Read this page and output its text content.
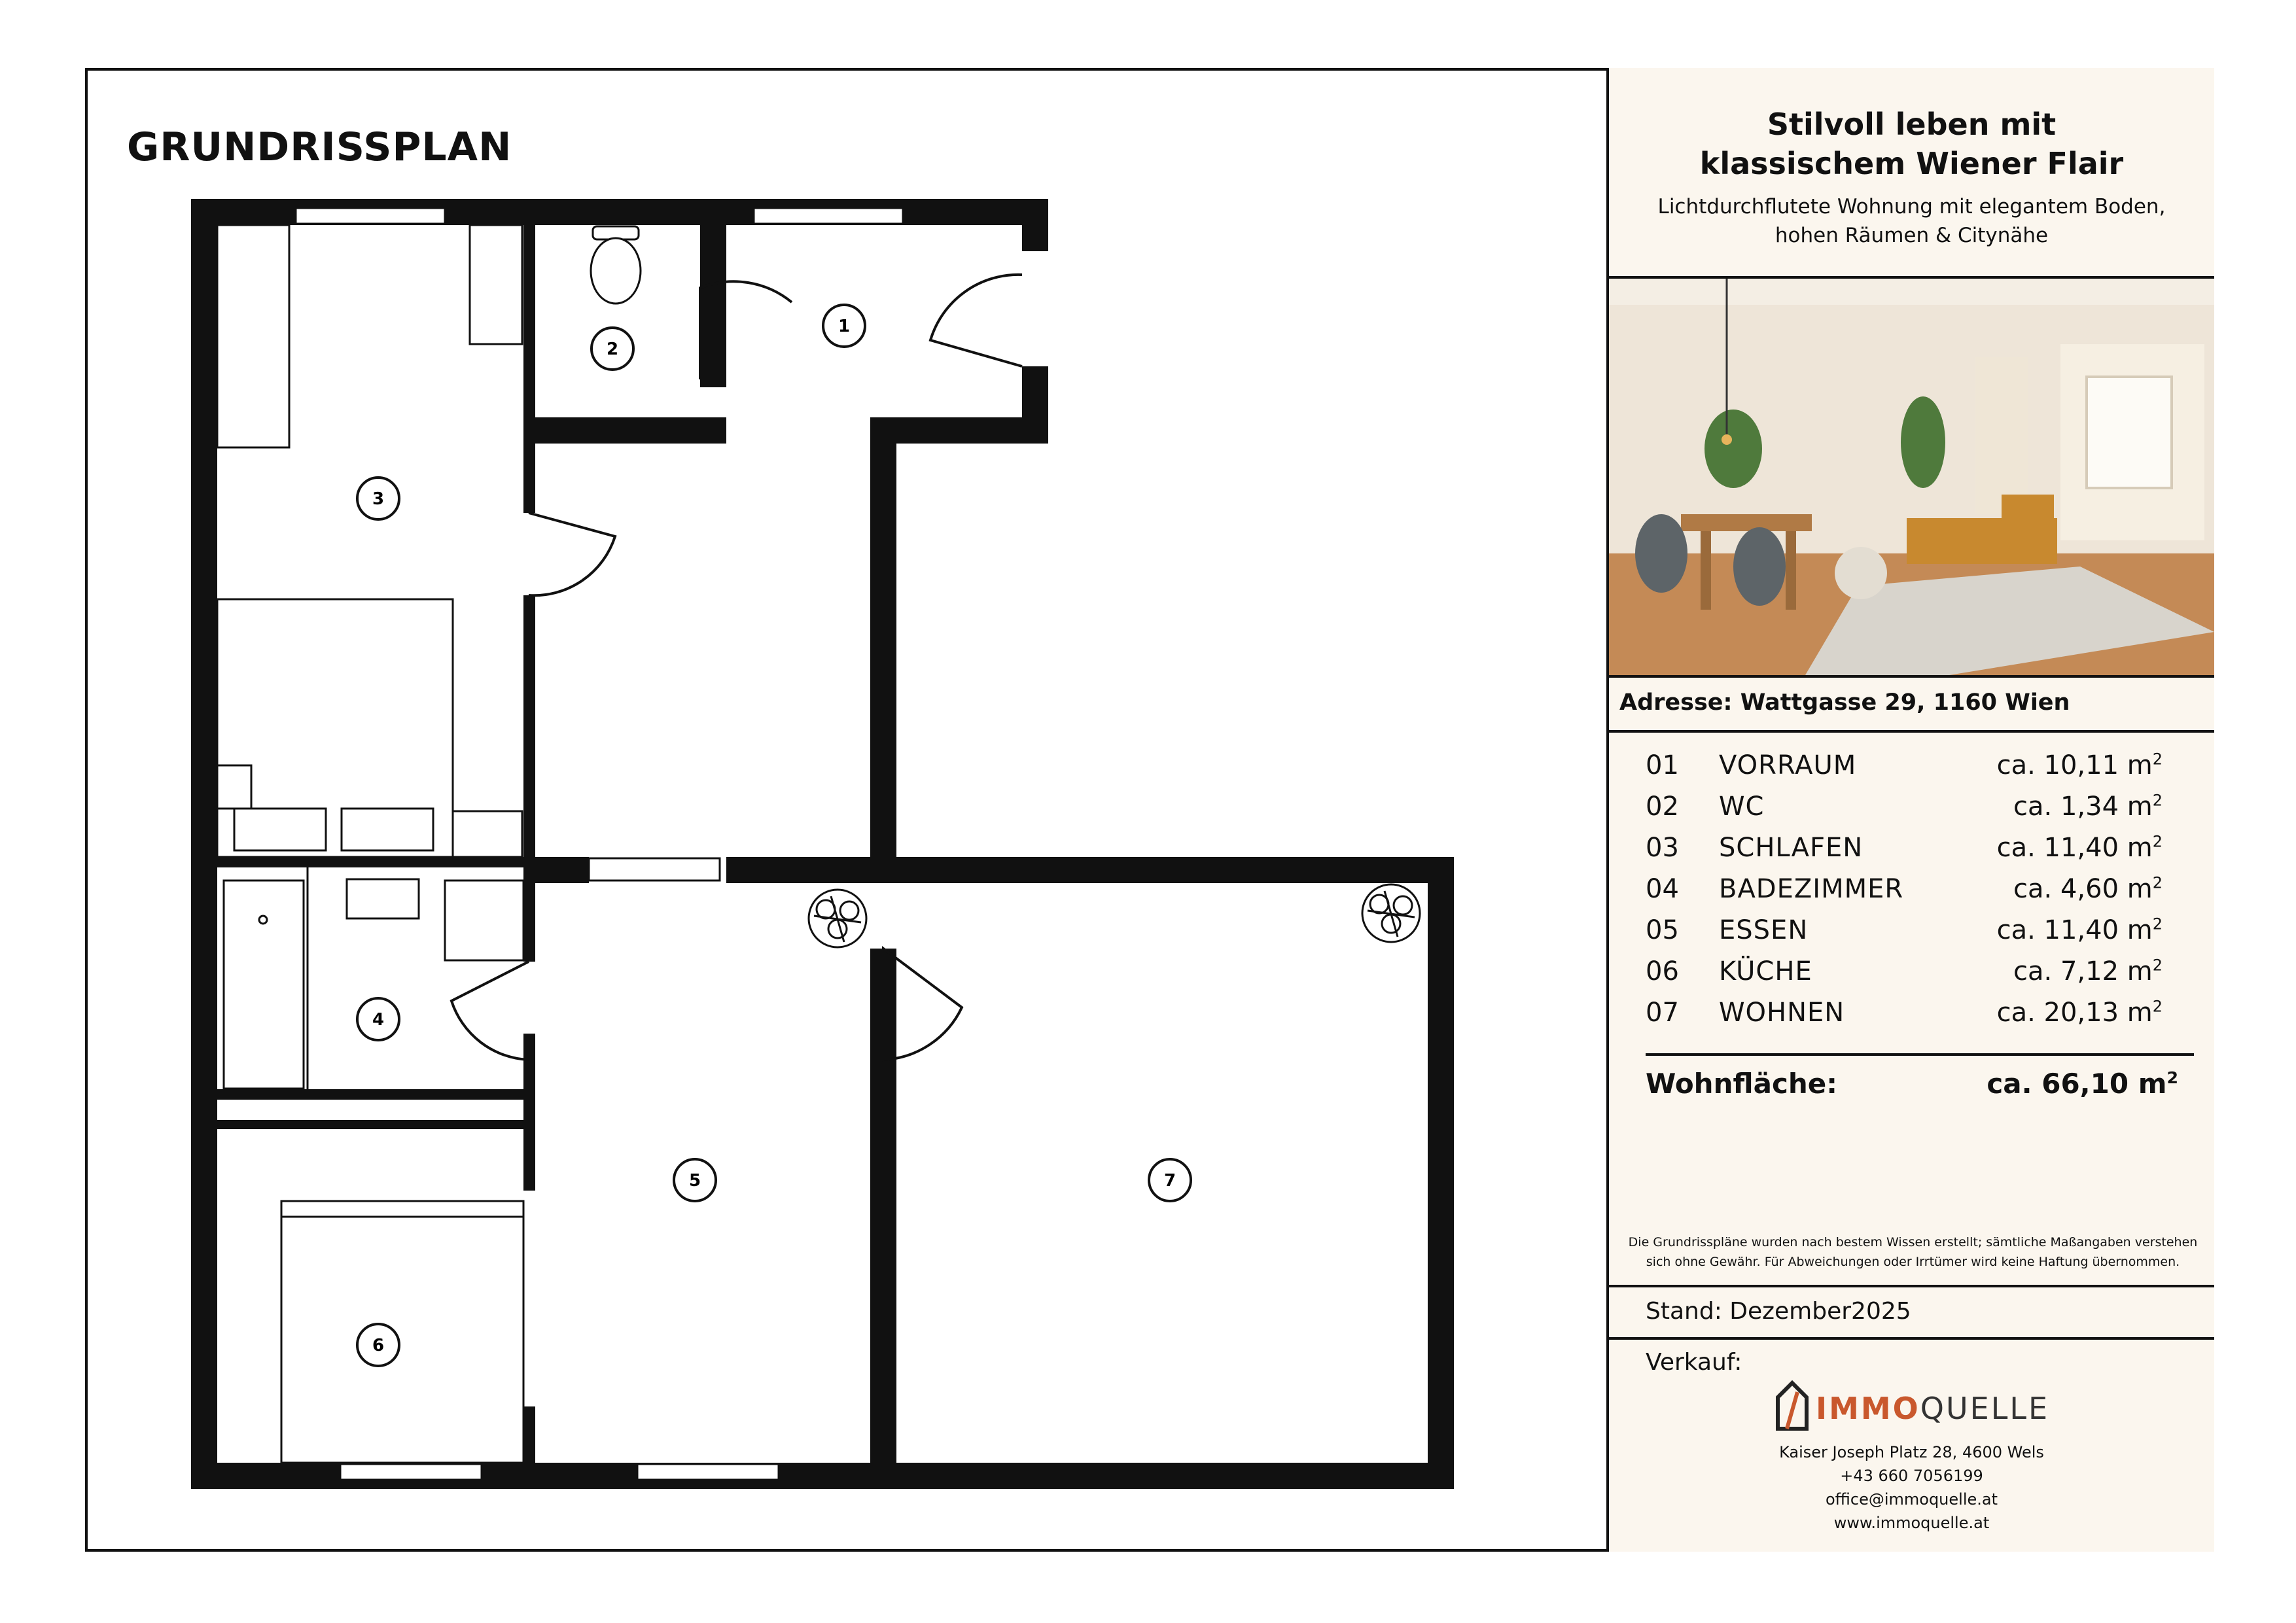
1
2
3
4
5
6
7
GRUNDRISSPLAN	Stilvoll leben mit
klassischem Wiener Flair
Lichtdurchflutete Wohnung mit elegantem Boden,
hohen Räumen & Citynähe
Adresse: Wattgasse 29, 1160 Wien
01	VORRAUM	ca. 10,11 $m^2$
02	WC	ca. 1,34 $m^2$
03	SCHLAFEN	ca. 11,40 $m^2$
04	BADEZIMMER	ca. 4,60 $m^2$
05	ESSEN	ca. 11,40 $m^2$
06	KÜCHE	ca. 7,12 $m^2$
07	WOHNEN	ca. 20,13 $m^2$
Wohnfläche:	ca. 66,10 $m^2$
Die Grundrisspläne wurden nach bestem Wissen erstellt; sämtliche Maßangaben verstehen
sich ohne Gewähr. Für Abweichungen oder Irrtümer wird keine Haftung übernommen.
Stand: Dezember2025
Verkauf:
IMMOQUELLE
Kaiser Joseph Platz 28, 4600 Wels
+43 660 7056199
office@immoquelle.at
www.immoquelle.at
